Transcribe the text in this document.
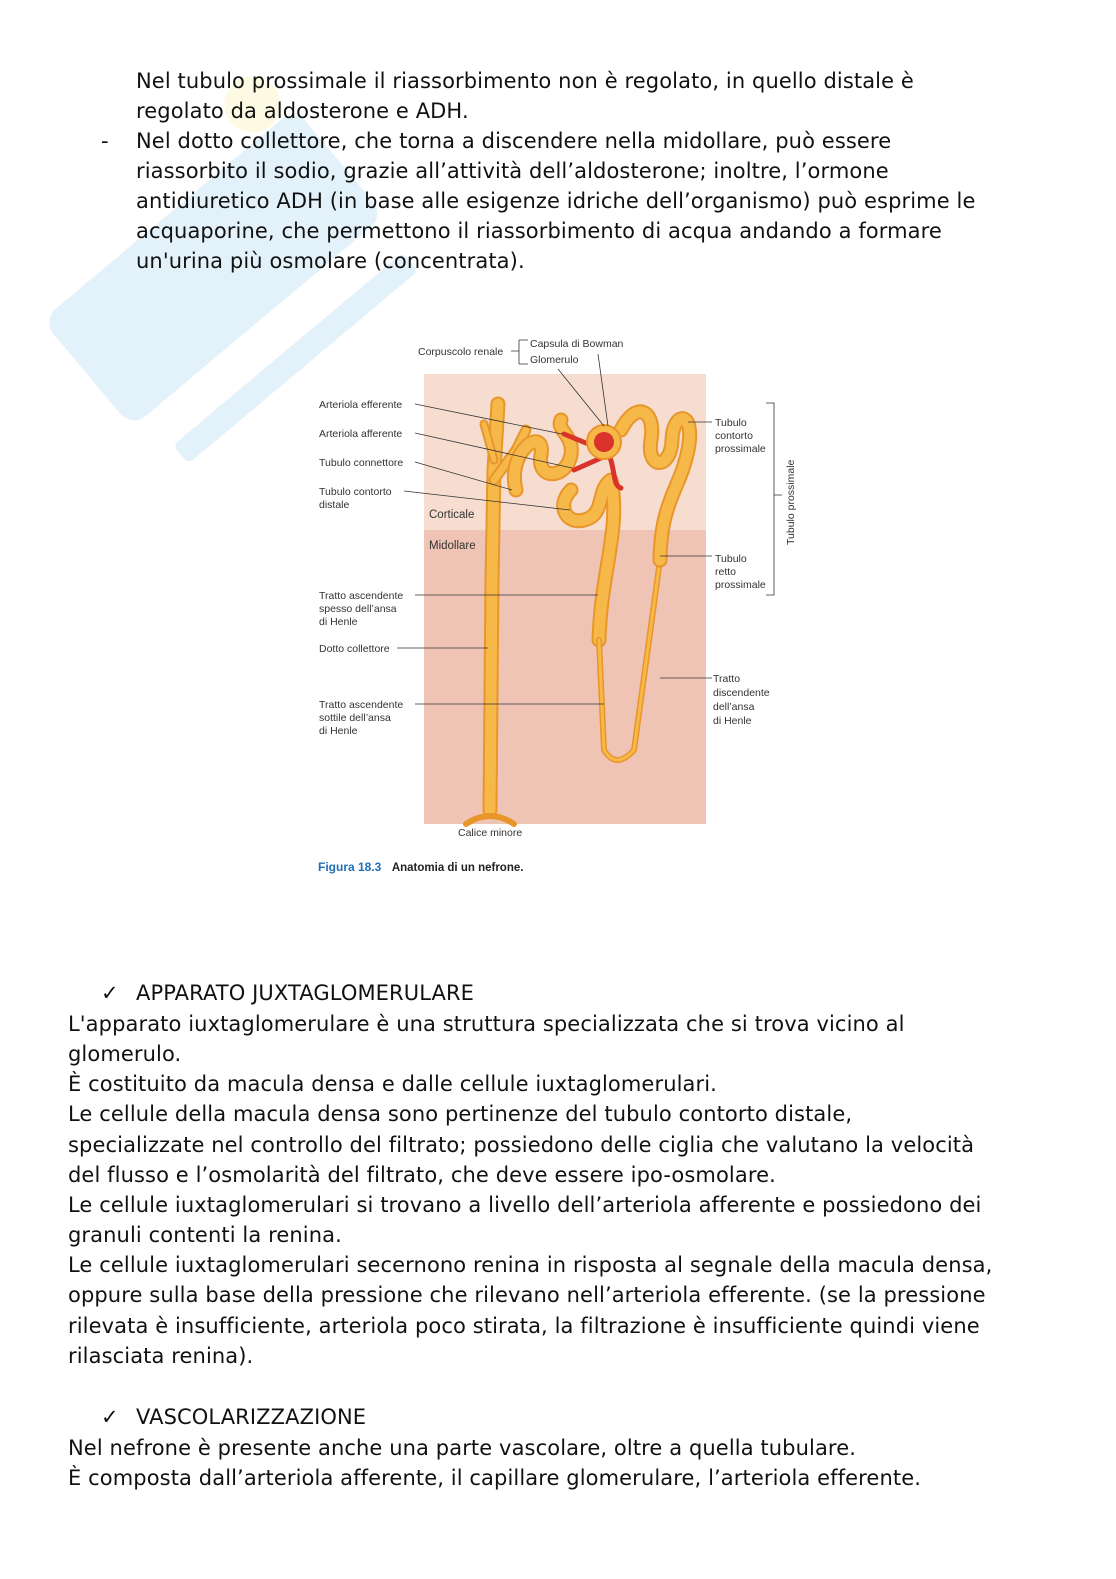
Nel tubulo prossimale il riassorbimento non è regolato, in quello distale è
regolato da aldosterone e ADH.
- Nel dotto collettore, che torna a discendere nella midollare, può essere
riassorbito il sodio, grazie all’attività dell’aldosterone; inoltre, l’ormone
antidiuretico ADH (in base alle esigenze idriche dell’organismo) può esprime le
acquaporine, che permettono il riassorbimento di acqua andando a formare
un'urina più osmolare (concentrata).
Corpuscolo renale
Capsula di Bowman
Glomerulo
Arteriola efferente
Arteriola afferente
Tubulo connettore
Tubulo contorto
distale
Corticale
Midollare
Tratto ascendente
spesso dell’ansa
di Henle
Dotto collettore
Tratto ascendente
sottile dell’ansa
di Henle
Calice minore
Tubulo
contorto
prossimale
Tubulo
retto
prossimale
Tubulo prossimale
Tratto
discendente
dell’ansa
di Henle
Figura 18.3 Anatomia di un nefrone.
✓ APPARATO JUXTAGLOMERULARE
L'apparato iuxtaglomerulare è una struttura specializzata che si trova vicino al
glomerulo.
È costituito da macula densa e dalle cellule iuxtaglomerulari.
Le cellule della macula densa sono pertinenze del tubulo contorto distale,
specializzate nel controllo del filtrato; possiedono delle ciglia che valutano la velocità
del flusso e l’osmolarità del filtrato, che deve essere ipo-osmolare.
Le cellule iuxtaglomerulari si trovano a livello dell’arteriola afferente e possiedono dei
granuli contenti la renina.
Le cellule iuxtaglomerulari secernono renina in risposta al segnale della macula densa,
oppure sulla base della pressione che rilevano nell’arteriola efferente. (se la pressione
rilevata è insufficiente, arteriola poco stirata, la filtrazione è insufficiente quindi viene
rilasciata renina).
✓ VASCOLARIZZAZIONE
Nel nefrone è presente anche una parte vascolare, oltre a quella tubulare.
È composta dall’arteriola afferente, il capillare glomerulare, l’arteriola efferente.
